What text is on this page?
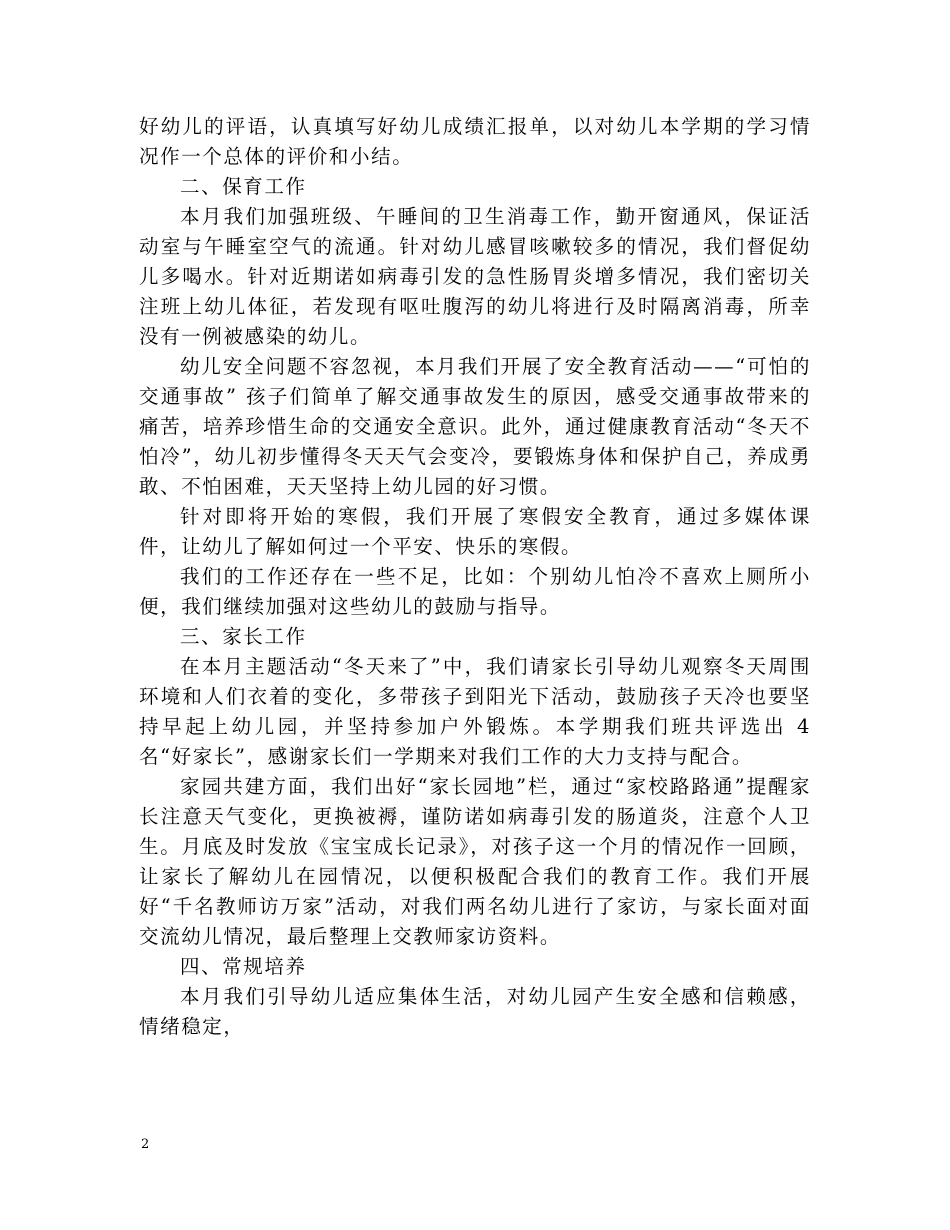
好幼儿的评语，认真填写好幼儿成绩汇报单，以对幼儿本学期的学习情况作一个总体的评价和小结。

二、保育工作

本月我们加强班级、午睡间的卫生消毒工作，勤开窗通风，保证活动室与午睡室空气的流通。针对幼儿感冒咳嗽较多的情况，我们督促幼儿多喝水。针对近期诺如病毒引发的急性肠胃炎增多情况，我们密切关注班上幼儿体征，若发现有呕吐腹泻的幼儿将进行及时隔离消毒，所幸没有一例被感染的幼儿。

幼儿安全问题不容忽视，本月我们开展了安全教育活动——“可怕的交通事故” 孩子们简单了解交通事故发生的原因，感受交通事故带来的痛苦，培养珍惜生命的交通安全意识。此外，通过健康教育活动“冬天不怕冷”，幼儿初步懂得冬天天气会变冷，要锻炼身体和保护自己，养成勇敢、不怕困难，天天坚持上幼儿园的好习惯。

针对即将开始的寒假，我们开展了寒假安全教育，通过多媒体课件，让幼儿了解如何过一个平安、快乐的寒假。

我们的工作还存在一些不足，比如：个别幼儿怕冷不喜欢上厕所小便，我们继续加强对这些幼儿的鼓励与指导。

三、家长工作

在本月主题活动“冬天来了”中，我们请家长引导幼儿观察冬天周围环境和人们衣着的变化，多带孩子到阳光下活动，鼓励孩子天冷也要坚持早起上幼儿园，并坚持参加户外锻炼。本学期我们班共评选出 4 名“好家长”，感谢家长们一学期来对我们工作的大力支持与配合。

家园共建方面，我们出好“家长园地”栏，通过“家校路路通”提醒家长注意天气变化，更换被褥，谨防诺如病毒引发的肠道炎，注意个人卫生。月底及时发放《宝宝成长记录》，对孩子这一个月的情况作一回顾，让家长了解幼儿在园情况，以便积极配合我们的教育工作。我们开展好“千名教师访万家”活动，对我们两名幼儿进行了家访，与家长面对面交流幼儿情况，最后整理上交教师家访资料。

四、常规培养

本月我们引导幼儿适应集体生活，对幼儿园产生安全感和信赖感，情绪稳定，

2
